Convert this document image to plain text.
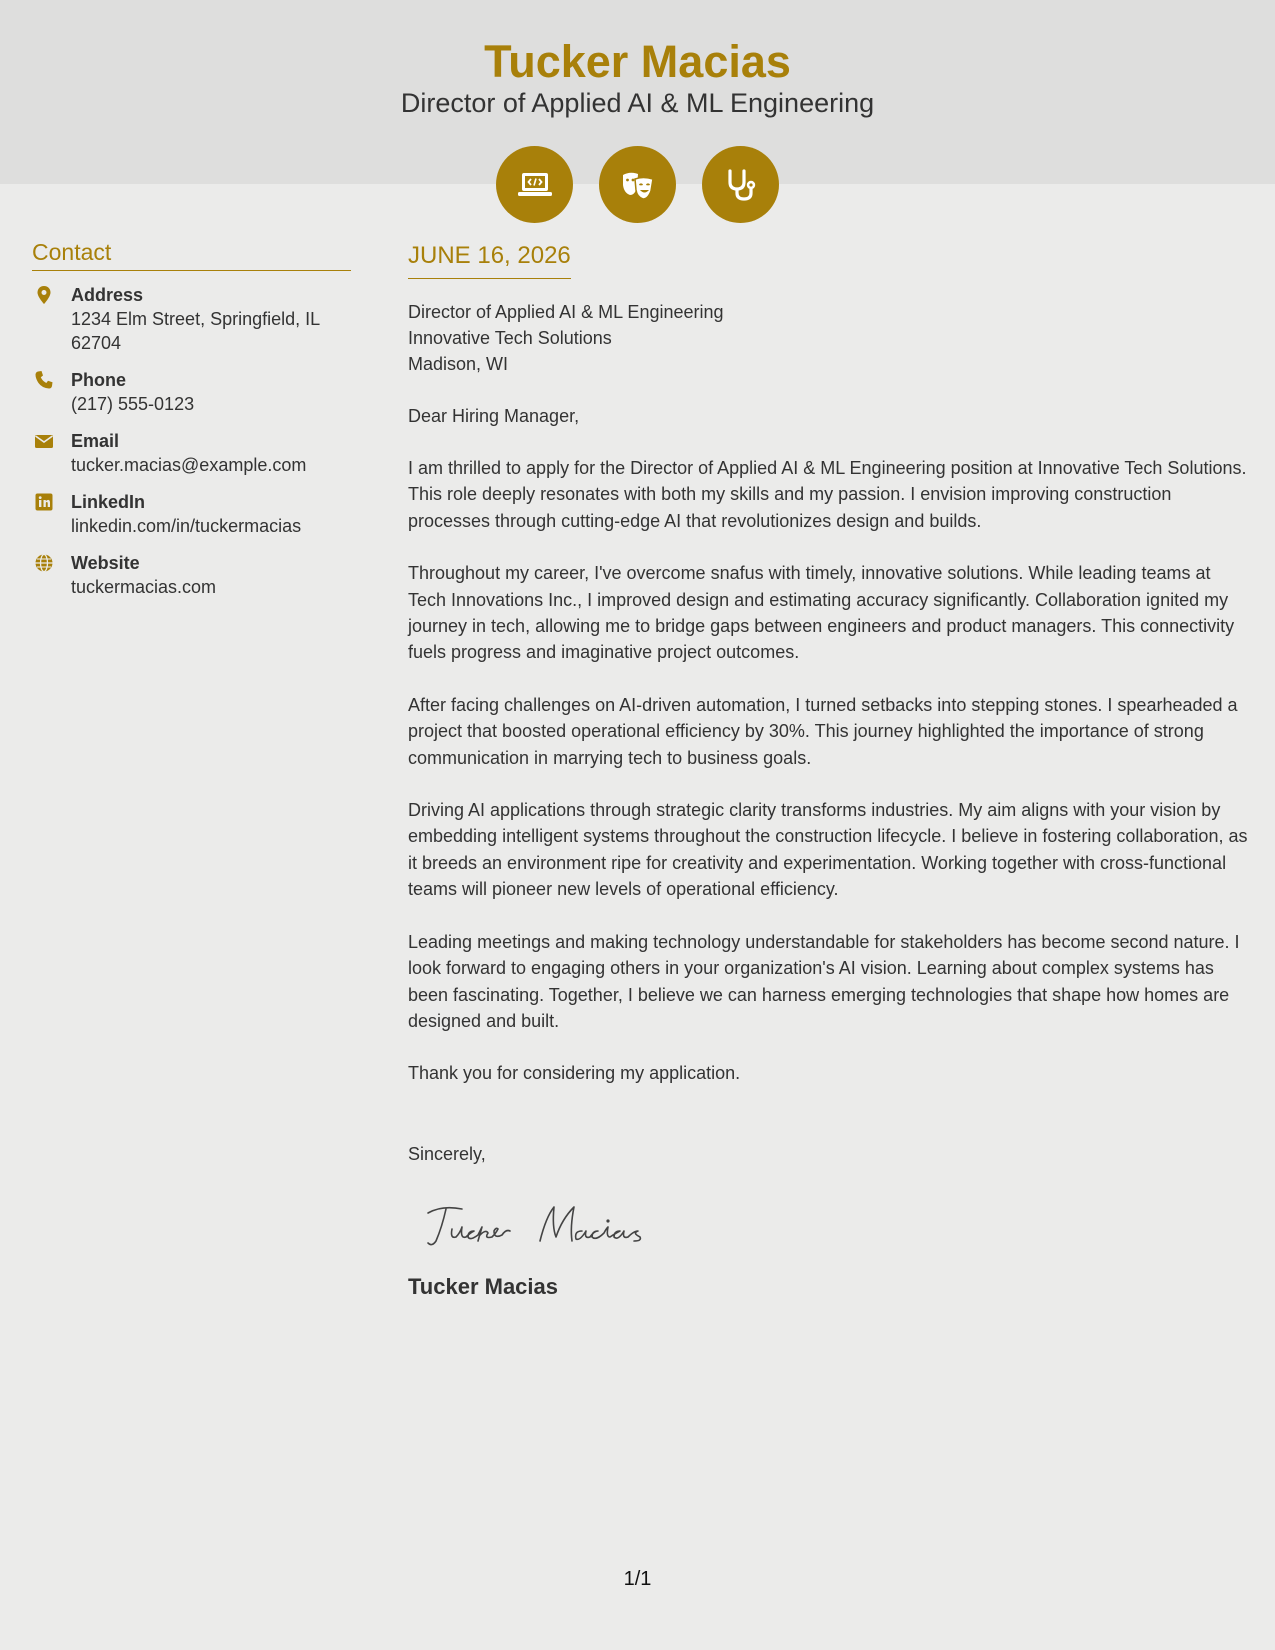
Tucker Macias
Director of Applied AI & ML Engineering
Contact
Address
1234 Elm Street, Springfield, IL 62704
Phone
(217) 555-0123
Email
tucker.macias@example.com
LinkedIn
linkedin.com/in/tuckermacias
Website
tuckermacias.com
JUNE 16, 2026
Director of Applied AI & ML Engineering
Innovative Tech Solutions
Madison, WI
Dear Hiring Manager,
I am thrilled to apply for the Director of Applied AI & ML Engineering position at Innovative Tech Solutions. This role deeply resonates with both my skills and my passion. I envision improving construction processes through cutting-edge AI that revolutionizes design and builds.
Throughout my career, I've overcome snafus with timely, innovative solutions. While leading teams at Tech Innovations Inc., I improved design and estimating accuracy significantly. Collaboration ignited my journey in tech, allowing me to bridge gaps between engineers and product managers. This connectivity fuels progress and imaginative project outcomes.
After facing challenges on AI-driven automation, I turned setbacks into stepping stones. I spearheaded a project that boosted operational efficiency by 30%. This journey highlighted the importance of strong communication in marrying tech to business goals.
Driving AI applications through strategic clarity transforms industries. My aim aligns with your vision by embedding intelligent systems throughout the construction lifecycle. I believe in fostering collaboration, as it breeds an environment ripe for creativity and experimentation. Working together with cross-functional teams will pioneer new levels of operational efficiency.
Leading meetings and making technology understandable for stakeholders has become second nature. I look forward to engaging others in your organization's AI vision. Learning about complex systems has been fascinating. Together, I believe we can harness emerging technologies that shape how homes are designed and built.
Thank you for considering my application.
Sincerely,
Tucker Macias
1/1
